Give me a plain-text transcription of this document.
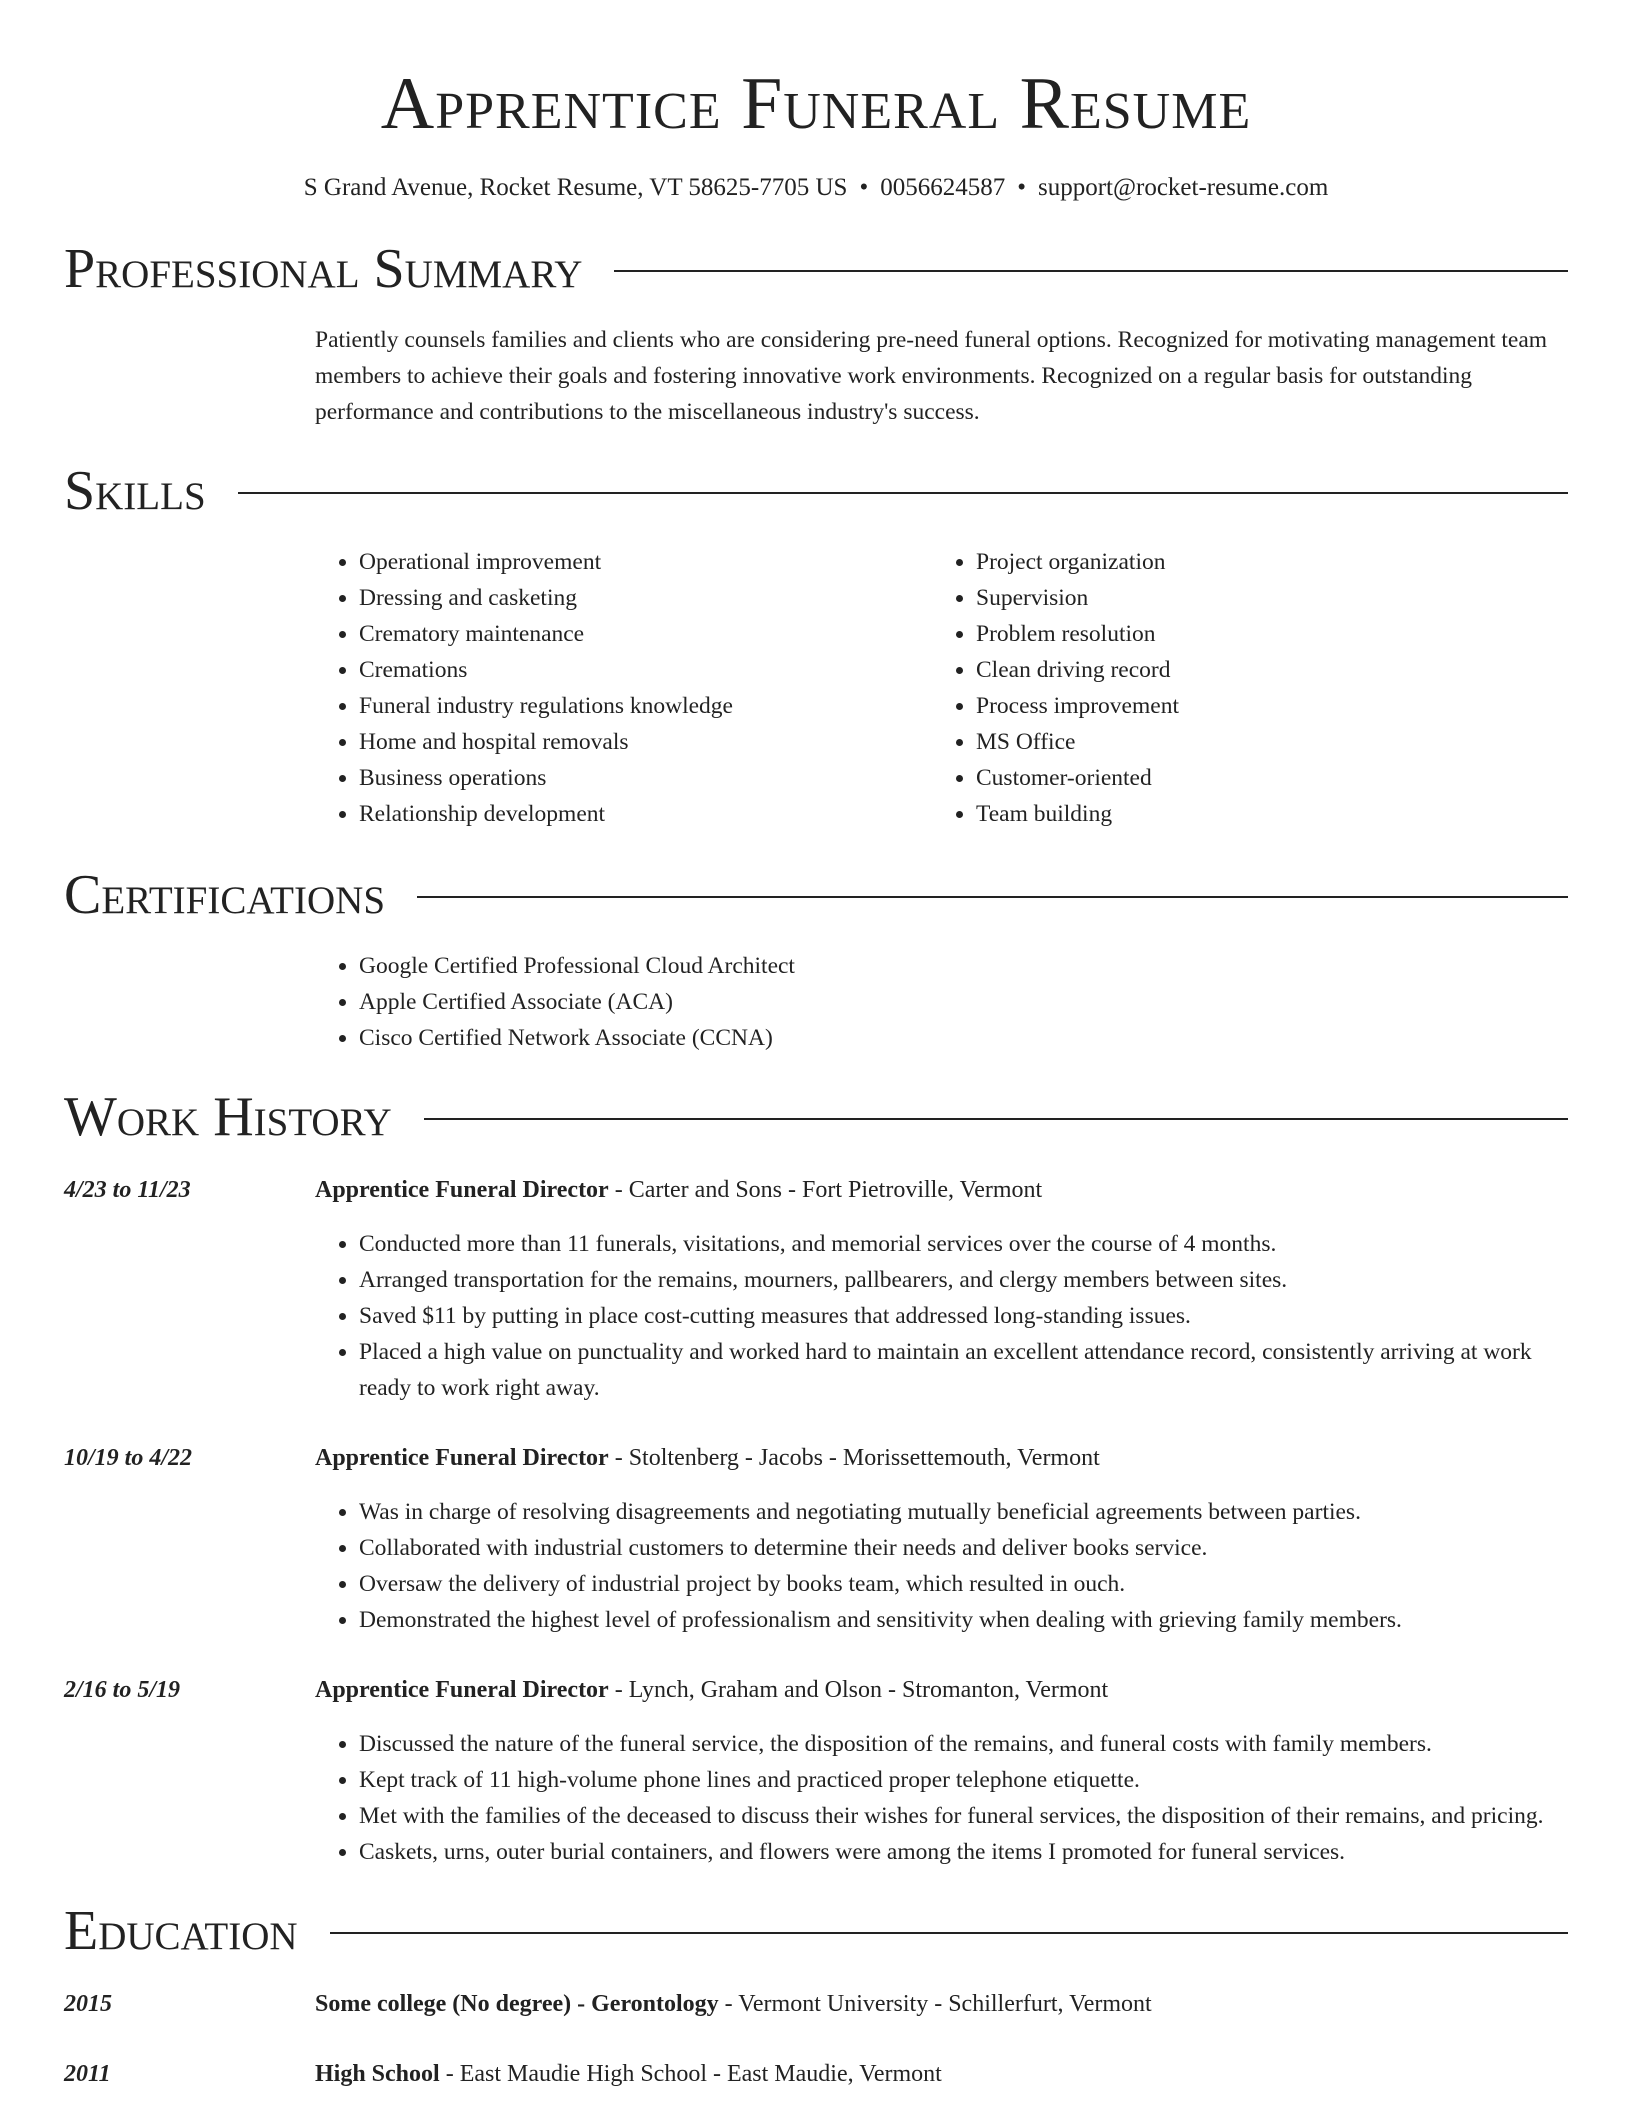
Apprentice Funeral Resume
S Grand Avenue, Rocket Resume, VT 58625-7705 US • 0056624587 • support@rocket-resume.com
Professional Summary
Patiently counsels families and clients who are considering pre-need funeral options. Recognized for motivating management team members to achieve their goals and fostering innovative work environments. Recognized on a regular basis for outstanding performance and contributions to the miscellaneous industry's success.
Skills
• Operational improvement
• Dressing and casketing
• Crematory maintenance
• Cremations
• Funeral industry regulations knowledge
• Home and hospital removals
• Business operations
• Relationship development
• Project organization
• Supervision
• Problem resolution
• Clean driving record
• Process improvement
• MS Office
• Customer-oriented
• Team building
Certifications
• Google Certified Professional Cloud Architect
• Apple Certified Associate (ACA)
• Cisco Certified Network Associate (CCNA)
Work History
4/23 to 11/23	Apprentice Funeral Director - Carter and Sons - Fort Pietroville, Vermont
• Conducted more than 11 funerals, visitations, and memorial services over the course of 4 months.
• Arranged transportation for the remains, mourners, pallbearers, and clergy members between sites.
• Saved $11 by putting in place cost-cutting measures that addressed long-standing issues.
• Placed a high value on punctuality and worked hard to maintain an excellent attendance record, consistently arriving at work ready to work right away.
10/19 to 4/22	Apprentice Funeral Director - Stoltenberg - Jacobs - Morissettemouth, Vermont
• Was in charge of resolving disagreements and negotiating mutually beneficial agreements between parties.
• Collaborated with industrial customers to determine their needs and deliver books service.
• Oversaw the delivery of industrial project by books team, which resulted in ouch.
• Demonstrated the highest level of professionalism and sensitivity when dealing with grieving family members.
2/16 to 5/19	Apprentice Funeral Director - Lynch, Graham and Olson - Stromanton, Vermont
• Discussed the nature of the funeral service, the disposition of the remains, and funeral costs with family members.
• Kept track of 11 high-volume phone lines and practiced proper telephone etiquette.
• Met with the families of the deceased to discuss their wishes for funeral services, the disposition of their remains, and pricing.
• Caskets, urns, outer burial containers, and flowers were among the items I promoted for funeral services.
Education
2015	Some college (No degree) - Gerontology - Vermont University - Schillerfurt, Vermont
2011	High School - East Maudie High School - East Maudie, Vermont
